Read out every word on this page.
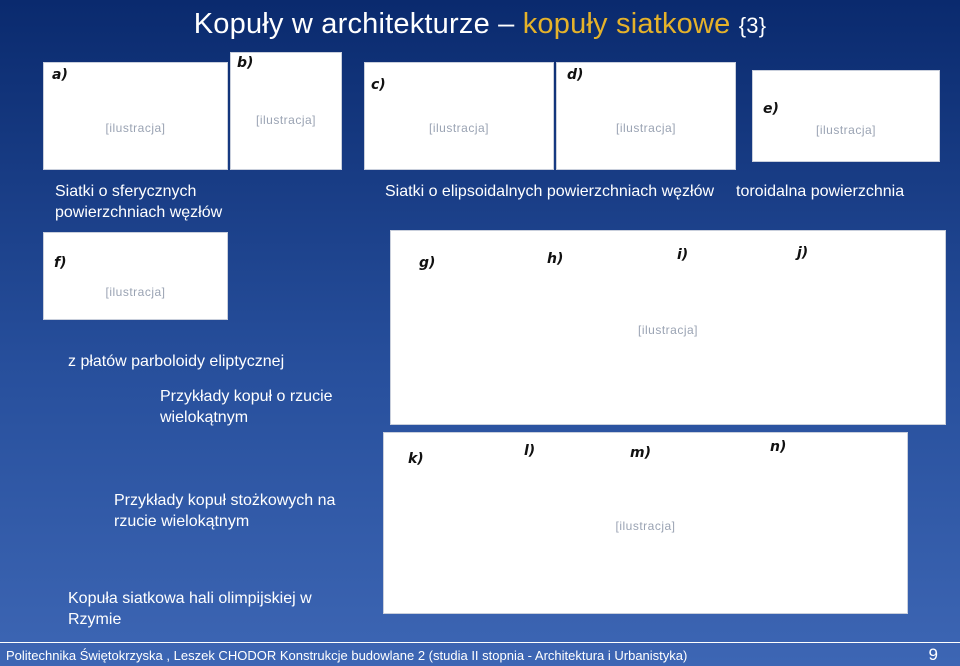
Kopuły w architekturze – kopuły siatkowe {3}
a)
[ilustracja]
b)
[ilustracja]
c)
[ilustracja]
d)
[ilustracja]
e)
[ilustracja]
Siatki o sferycznych powierzchniach węzłów
Siatki o elipsoidalnych powierzchniach węzłów	toroidalna powierzchnia
f)
[ilustracja]
z płatów parboloidy eliptycznej
Przykłady kopuł o rzucie wielokątnym
g)	h)	i)	j)
[ilustracja]
k)	l)	m)	n)
[ilustracja]
Przykłady kopuł stożkowych na rzucie wielokątnym
Kopuła siatkowa hali olimpijskiej w Rzymie
Politechnika Świętokrzyska , Leszek CHODOR Konstrukcje budowlane 2 (studia II stopnia - Architektura i Urbanistyka)	9
